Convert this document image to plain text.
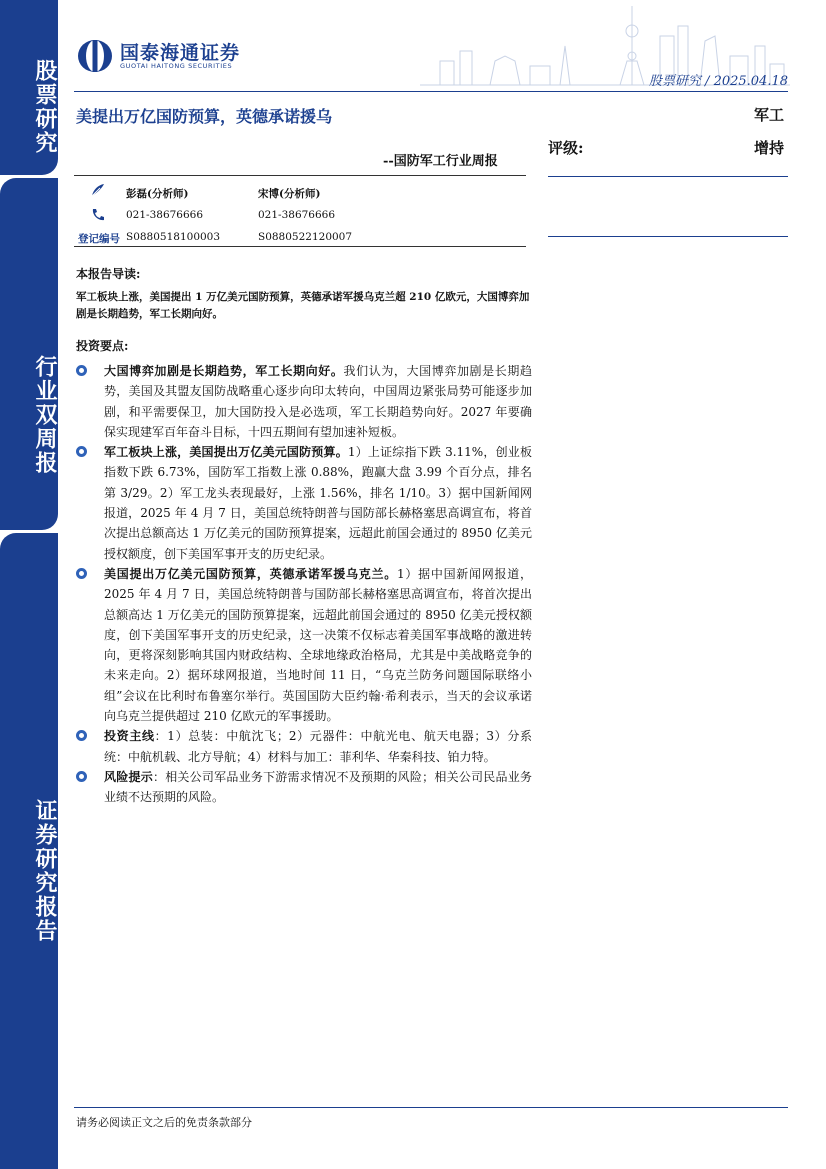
股票研究
行业双周报
证券研究报告
国泰海通证券
GUOTAI HAITONG SECURITIES
股票研究 / 2025.04.18
美提出万亿国防预算，英德承诺援乌	军工
--国防军工行业周报
评级:	增持
彭磊(分析师)	宋博(分析师)
021-38676666	021-38676666
登记编号 S0880518100003	S0880522120007
本报告导读:
军工板块上涨，美国提出 1 万亿美元国防预算，英德承诺军援乌克兰超 210 亿欧元，大国博弈加剧是长期趋势，军工长期向好。
投资要点:
大国博弈加剧是长期趋势，军工长期向好。我们认为，大国博弈加剧是长期趋势，美国及其盟友国防战略重心逐步向印太转向，中国周边紧张局势可能逐步加剧，和平需要保卫，加大国防投入是必选项，军工长期趋势向好。2027 年要确保实现建军百年奋斗目标，十四五期间有望加速补短板。
军工板块上涨，美国提出万亿美元国防预算。1）上证综指下跌 3.11%，创业板指数下跌 6.73%，国防军工指数上涨 0.88%，跑赢大盘 3.99 个百分点，排名第 3/29。2）军工龙头表现最好，上涨 1.56%，排名 1/10。3）据中国新闻网报道，2025 年 4 月 7 日，美国总统特朗普与国防部长赫格塞思高调宣布，将首次提出总额高达 1 万亿美元的国防预算提案，远超此前国会通过的 8950 亿美元授权额度，创下美国军事开支的历史纪录。
美国提出万亿美元国防预算，英德承诺军援乌克兰。1）据中国新闻网报道，2025 年 4 月 7 日，美国总统特朗普与国防部长赫格塞思高调宣布，将首次提出总额高达 1 万亿美元的国防预算提案，远超此前国会通过的 8950 亿美元授权额度，创下美国军事开支的历史纪录，这一决策不仅标志着美国军事战略的激进转向，更将深刻影响其国内财政结构、全球地缘政治格局，尤其是中美战略竞争的未来走向。2）据环球网报道，当地时间 11 日，“乌克兰防务问题国际联络小组”会议在比利时布鲁塞尔举行。英国国防大臣约翰·希利表示，当天的会议承诺向乌克兰提供超过 210 亿欧元的军事援助。
投资主线：1）总装：中航沈飞；2）元器件：中航光电、航天电器；3）分系统：中航机载、北方导航；4）材料与加工：菲利华、华秦科技、铂力特。
风险提示：相关公司军品业务下游需求情况不及预期的风险；相关公司民品业务业绩不达预期的风险。
请务必阅读正文之后的免责条款部分
